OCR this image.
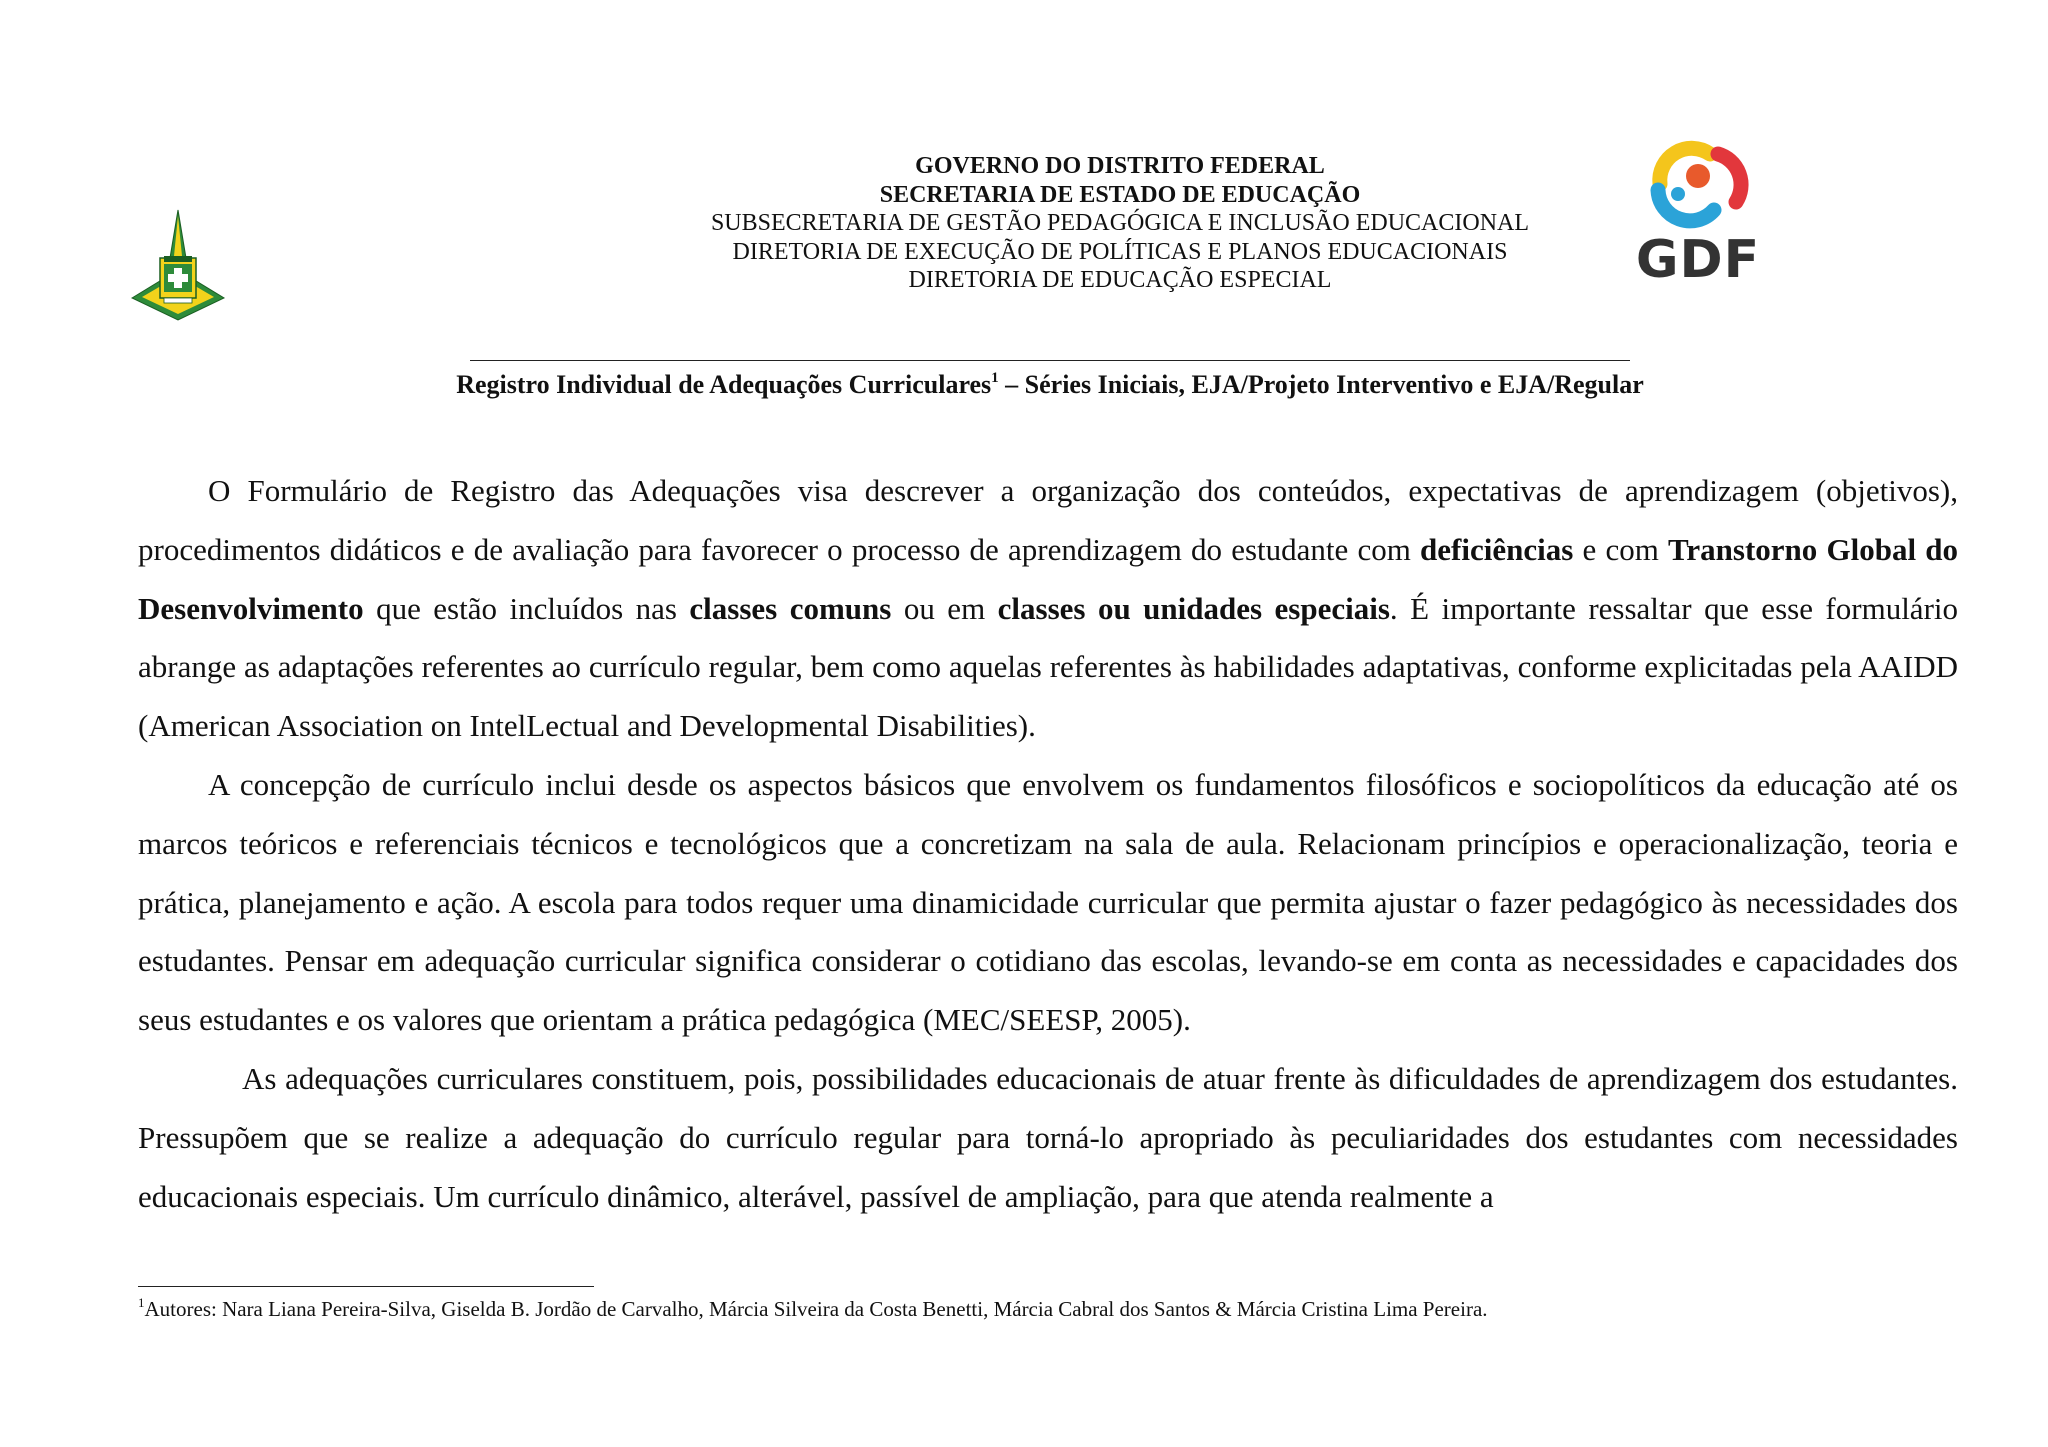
GOVERNO DO DISTRITO FEDERAL
SECRETARIA DE ESTADO DE EDUCAÇÃO
SUBSECRETARIA DE GESTÃO PEDAGÓGICA E INCLUSÃO EDUCACIONAL
DIRETORIA DE EXECUÇÃO DE POLÍTICAS E PLANOS EDUCACIONAIS
DIRETORIA DE EDUCAÇÃO ESPECIAL	GDF
Registro Individual de Adequações Curriculares$^1$ – Séries Iniciais, EJA/Projeto Interventivo e EJA/Regular

O Formulário de Registro das Adequações visa descrever a organização dos conteúdos, expectativas de aprendizagem (objetivos), procedimentos didáticos e de avaliação para favorecer o processo de aprendizagem do estudante com deficiências e com Transtorno Global do Desenvolvimento que estão incluídos nas classes comuns ou em classes ou unidades especiais. É importante ressaltar que esse formulário abrange as adaptações referentes ao currículo regular, bem como aquelas referentes às habilidades adaptativas, conforme explicitadas pela AAIDD (American Association on IntelLectual and Developmental Disabilities).

A concepção de currículo inclui desde os aspectos básicos que envolvem os fundamentos filosóficos e sociopolíticos da educação até os marcos teóricos e referenciais técnicos e tecnológicos que a concretizam na sala de aula. Relacionam princípios e operacionalização, teoria e prática, planejamento e ação. A escola para todos requer uma dinamicidade curricular que permita ajustar o fazer pedagógico às necessidades dos estudantes. Pensar em adequação curricular significa considerar o cotidiano das escolas, levando-se em conta as necessidades e capacidades dos seus estudantes e os valores que orientam a prática pedagógica (MEC/SEESP, 2005).

As adequações curriculares constituem, pois, possibilidades educacionais de atuar frente às dificuldades de aprendizagem dos estudantes. Pressupõem que se realize a adequação do currículo regular para torná-lo apropriado às peculiaridades dos estudantes com necessidades educacionais especiais. Um currículo dinâmico, alterável, passível de ampliação, para que atenda realmente a

$^1$Autores: Nara Liana Pereira-Silva, Giselda B. Jordão de Carvalho, Márcia Silveira da Costa Benetti, Márcia Cabral dos Santos & Márcia Cristina Lima Pereira.
